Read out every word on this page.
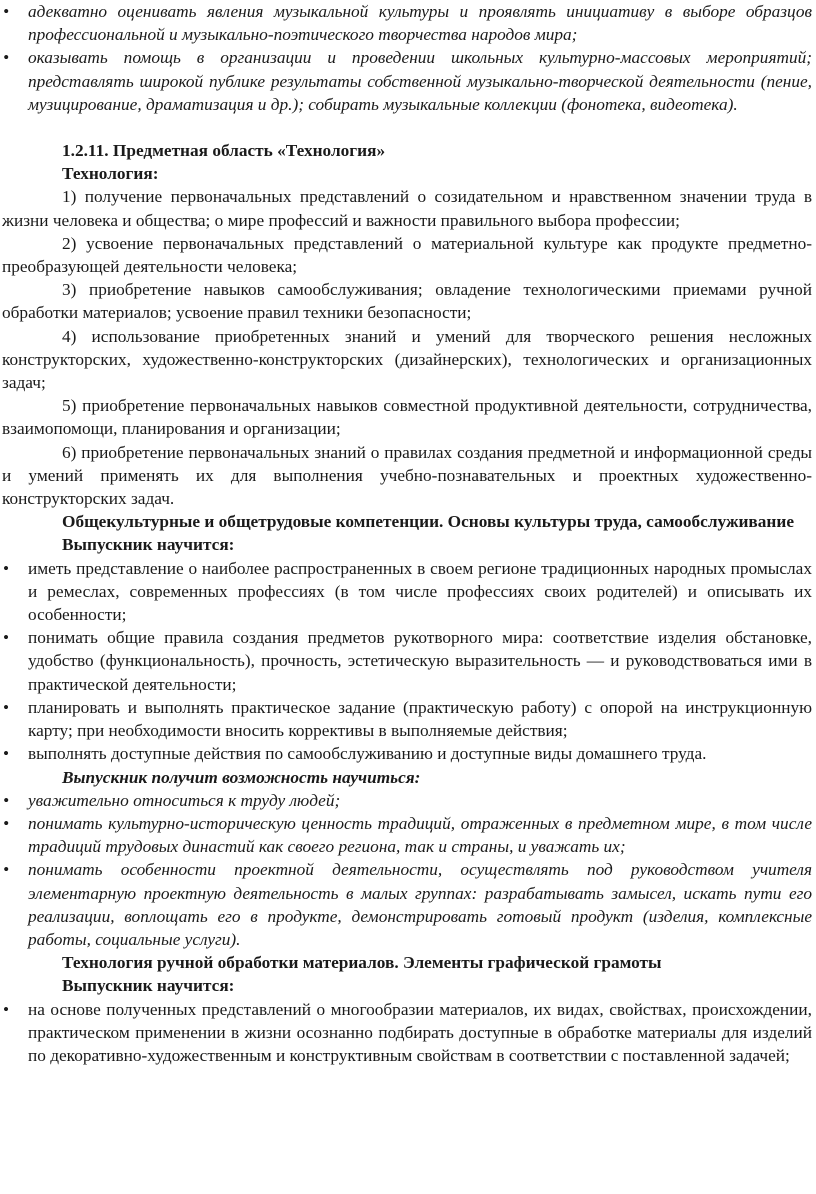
• адекватно оценивать явления музыкальной культуры и проявлять инициативу в выборе образцов профессиональной и музыкально-поэтического творчества народов мира;
• оказывать помощь в организации и проведении школьных культурно-массовых мероприятий; представлять широкой публике результаты собственной музыкально-творческой деятельности (пение, музицирование, драматизация и др.); собирать музыкальные коллекции (фонотека, видеотека).
1.2.11. Предметная область «Технология»
Технология:
1) получение первоначальных представлений о созидательном и нравственном значении труда в жизни человека и общества; о мире профессий и важности правильного выбора профессии;
2) усвоение первоначальных представлений о материальной культуре как продукте предметно-преобразующей деятельности человека;
3) приобретение навыков самообслуживания; овладение технологическими приемами ручной обработки материалов; усвоение правил техники безопасности;
4) использование приобретенных знаний и умений для творческого решения несложных конструкторских, художественно-конструкторских (дизайнерских), технологических и организационных задач;
5) приобретение первоначальных навыков совместной продуктивной деятельности, сотрудничества, взаимопомощи, планирования и организации;
6) приобретение первоначальных знаний о правилах создания предметной и информационной среды и умений применять их для выполнения учебно-познавательных и проектных художественно-конструкторских задач.
Общекультурные и общетрудовые компетенции. Основы культуры труда, самообслуживание
Выпускник научится:
• иметь представление о наиболее распространенных в своем регионе традиционных народных промыслах и ремеслах, современных профессиях (в том числе профессиях своих родителей) и описывать их особенности;
• понимать общие правила создания предметов рукотворного мира: соответствие изделия обстановке, удобство (функциональность), прочность, эстетическую выразительность — и руководствоваться ими в практической деятельности;
• планировать и выполнять практическое задание (практическую работу) с опорой на инструкционную карту; при необходимости вносить коррективы в выполняемые действия;
• выполнять доступные действия по самообслуживанию и доступные виды домашнего труда.
Выпускник получит возможность научиться:
• уважительно относиться к труду людей;
• понимать культурно-историческую ценность традиций, отраженных в предметном мире, в том числе традиций трудовых династий как своего региона, так и страны, и уважать их;
• понимать особенности проектной деятельности, осуществлять под руководством учителя элементарную проектную деятельность в малых группах: разрабатывать замысел, искать пути его реализации, воплощать его в продукте, демонстрировать готовый продукт (изделия, комплексные работы, социальные услуги).
Технология ручной обработки материалов. Элементы графической грамоты
Выпускник научится:
• на основе полученных представлений о многообразии материалов, их видах, свойствах, происхождении, практическом применении в жизни осознанно подбирать доступные в обработке материалы для изделий по декоративно-художественным и конструктивным свойствам в соответствии с поставленной задачей;
